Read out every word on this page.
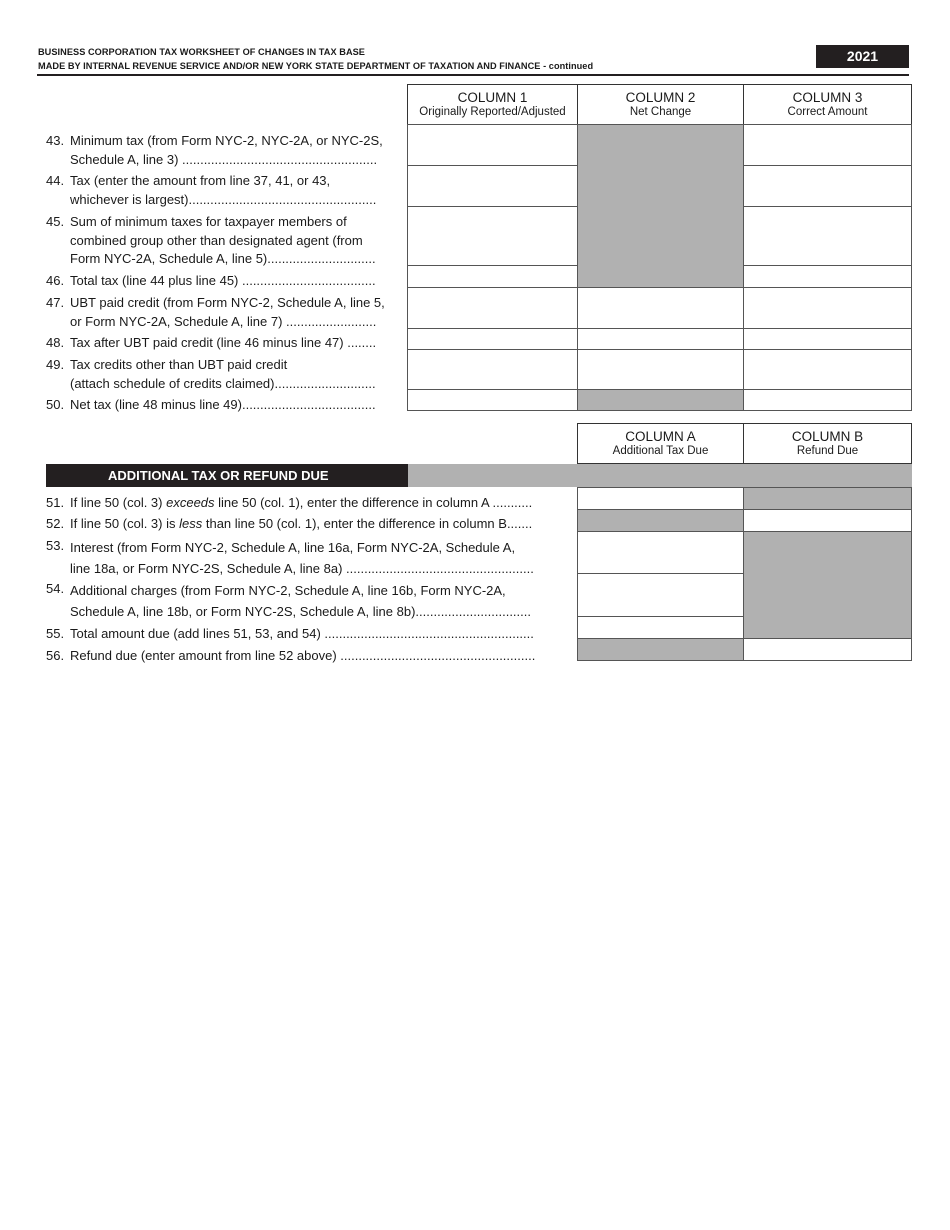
BUSINESS CORPORATION TAX WORKSHEET OF CHANGES IN TAX BASE
MADE BY INTERNAL REVENUE SERVICE AND/OR NEW YORK STATE DEPARTMENT OF TAXATION AND FINANCE - continued
2021
COLUMN 1
Originally Reported/Adjusted
COLUMN 2
Net Change
COLUMN 3
Correct Amount
43. Minimum tax (from Form NYC-2, NYC-2A, or NYC-2S,
Schedule A, line 3) ......................................................
44. Tax (enter the amount from line 37, 41, or 43,
whichever is largest)....................................................
45. Sum of minimum taxes for taxpayer members of
combined group other than designated agent (from
Form NYC-2A, Schedule A, line 5)..............................
46. Total tax (line 44 plus line 45) .....................................
47. UBT paid credit (from Form NYC-2, Schedule A, line 5,
or Form NYC-2A, Schedule A, line 7) .........................
48. Tax after UBT paid credit (line 46 minus line 47) ........
49. Tax credits other than UBT paid credit
(attach schedule of credits claimed)............................
50. Net tax (line 48 minus line 49).....................................
COLUMN A
Additional Tax Due
COLUMN B
Refund Due
ADDITIONAL TAX OR REFUND DUE
51. If line 50 (col. 3) exceeds line 50 (col. 1), enter the difference in column A ...........
52. If line 50 (col. 3) is less than line 50 (col. 1), enter the difference in column B.......
53. Interest (from Form NYC-2, Schedule A, line 16a, Form NYC-2A, Schedule A,
line 18a, or Form NYC-2S, Schedule A, line 8a) ....................................................
54. Additional charges (from Form NYC-2, Schedule A, line 16b, Form NYC-2A,
Schedule A, line 18b, or Form NYC-2S, Schedule A, line 8b)................................
55. Total amount due (add lines 51, 53, and 54) ..........................................................
56. Refund due (enter amount from line 52 above) ......................................................
